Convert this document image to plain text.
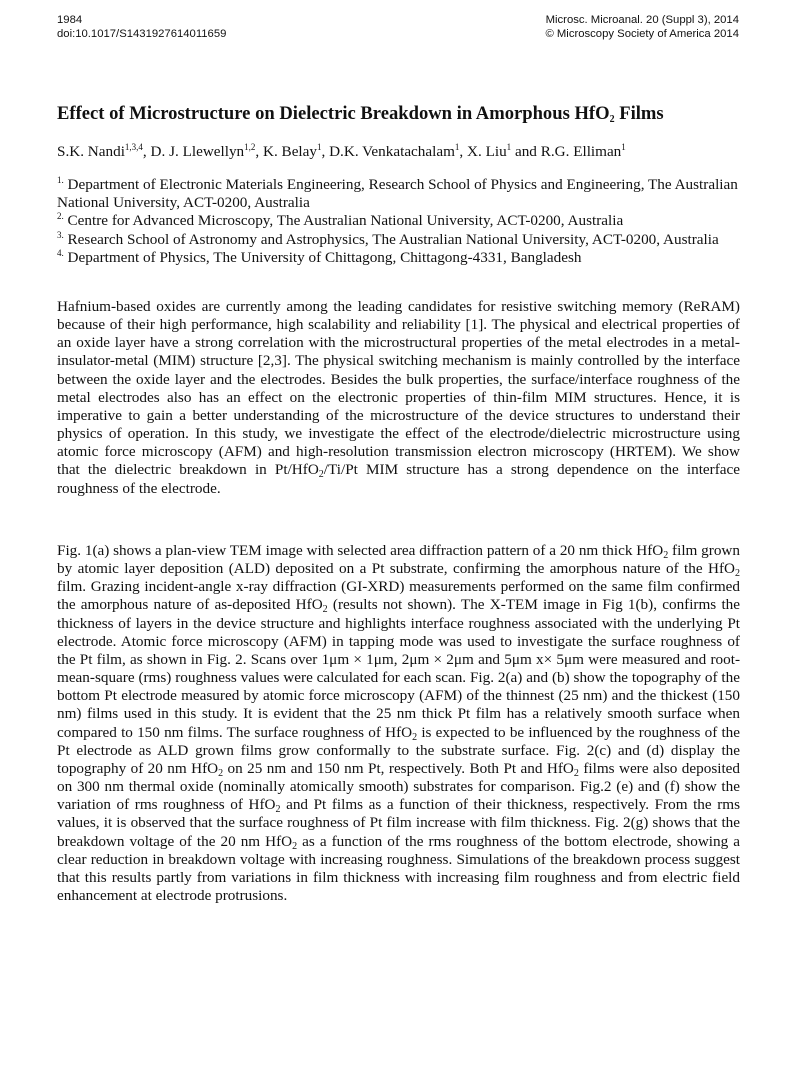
1984
doi:10.1017/S1431927614011659
Microsc. Microanal. 20 (Suppl 3), 2014
© Microscopy Society of America 2014
Effect of Microstructure on Dielectric Breakdown in Amorphous HfO$_2$ Films
S.K. Nandi$^{1,3,4}$, D. J. Llewellyn$^{1,2}$, K. Belay$^1$, D.K. Venkatachalam$^1$, X. Liu$^1$ and R.G. Elliman$^1$
$^{1.}$ Department of Electronic Materials Engineering, Research School of Physics and Engineering, The Australian National University, ACT-0200, Australia
$^{2.}$ Centre for Advanced Microscopy, The Australian National University, ACT-0200, Australia
$^{3.}$ Research School of Astronomy and Astrophysics, The Australian National University, ACT-0200, Australia
$^{4.}$ Department of Physics, The University of Chittagong, Chittagong-4331, Bangladesh
Hafnium-based oxides are currently among the leading candidates for resistive switching memory (ReRAM) because of their high performance, high scalability and reliability [1]. The physical and electrical properties of an oxide layer have a strong correlation with the microstructural properties of the metal electrodes in a metal-insulator-metal (MIM) structure [2,3]. The physical switching mechanism is mainly controlled by the interface between the oxide layer and the electrodes. Besides the bulk properties, the surface/interface roughness of the metal electrodes also has an effect on the electronic properties of thin-film MIM structures. Hence, it is imperative to gain a better understanding of the microstructure of the device structures to understand their physics of operation. In this study, we investigate the effect of the electrode/dielectric microstructure using atomic force microscopy (AFM) and high-resolution transmission electron microscopy (HRTEM). We show that the dielectric breakdown in Pt/HfO$_2$/Ti/Pt MIM structure has a strong dependence on the interface roughness of the electrode.
Fig. 1(a) shows a plan-view TEM image with selected area diffraction pattern of a 20 nm thick HfO$_2$ film grown by atomic layer deposition (ALD) deposited on a Pt substrate, confirming the amorphous nature of the HfO$_2$ film. Grazing incident-angle x-ray diffraction (GI-XRD) measurements performed on the same film confirmed the amorphous nature of as-deposited HfO$_2$ (results not shown). The X-TEM image in Fig 1(b), confirms the thickness of layers in the device structure and highlights interface roughness associated with the underlying Pt electrode. Atomic force microscopy (AFM) in tapping mode was used to investigate the surface roughness of the Pt film, as shown in Fig. 2. Scans over 1μm × 1μm, 2μm × 2μm and 5μm x× 5μm were measured and root-mean-square (rms) roughness values were calculated for each scan. Fig. 2(a) and (b) show the topography of the bottom Pt electrode measured by atomic force microscopy (AFM) of the thinnest (25 nm) and the thickest (150 nm) films used in this study. It is evident that the 25 nm thick Pt film has a relatively smooth surface when compared to 150 nm films. The surface roughness of HfO$_2$ is expected to be influenced by the roughness of the Pt electrode as ALD grown films grow conformally to the substrate surface. Fig. 2(c) and (d) display the topography of 20 nm HfO$_2$ on 25 nm and 150 nm Pt, respectively. Both Pt and HfO$_2$ films were also deposited on 300 nm thermal oxide (nominally atomically smooth) substrates for comparison. Fig.2 (e) and (f) show the variation of rms roughness of HfO$_2$ and Pt films as a function of their thickness, respectively. From the rms values, it is observed that the surface roughness of Pt film increase with film thickness. Fig. 2(g) shows that the breakdown voltage of the 20 nm HfO$_2$ as a function of the rms roughness of the bottom electrode, showing a clear reduction in breakdown voltage with increasing roughness. Simulations of the breakdown process suggest that this results partly from variations in film thickness with increasing film roughness and from electric field enhancement at electrode protrusions.
